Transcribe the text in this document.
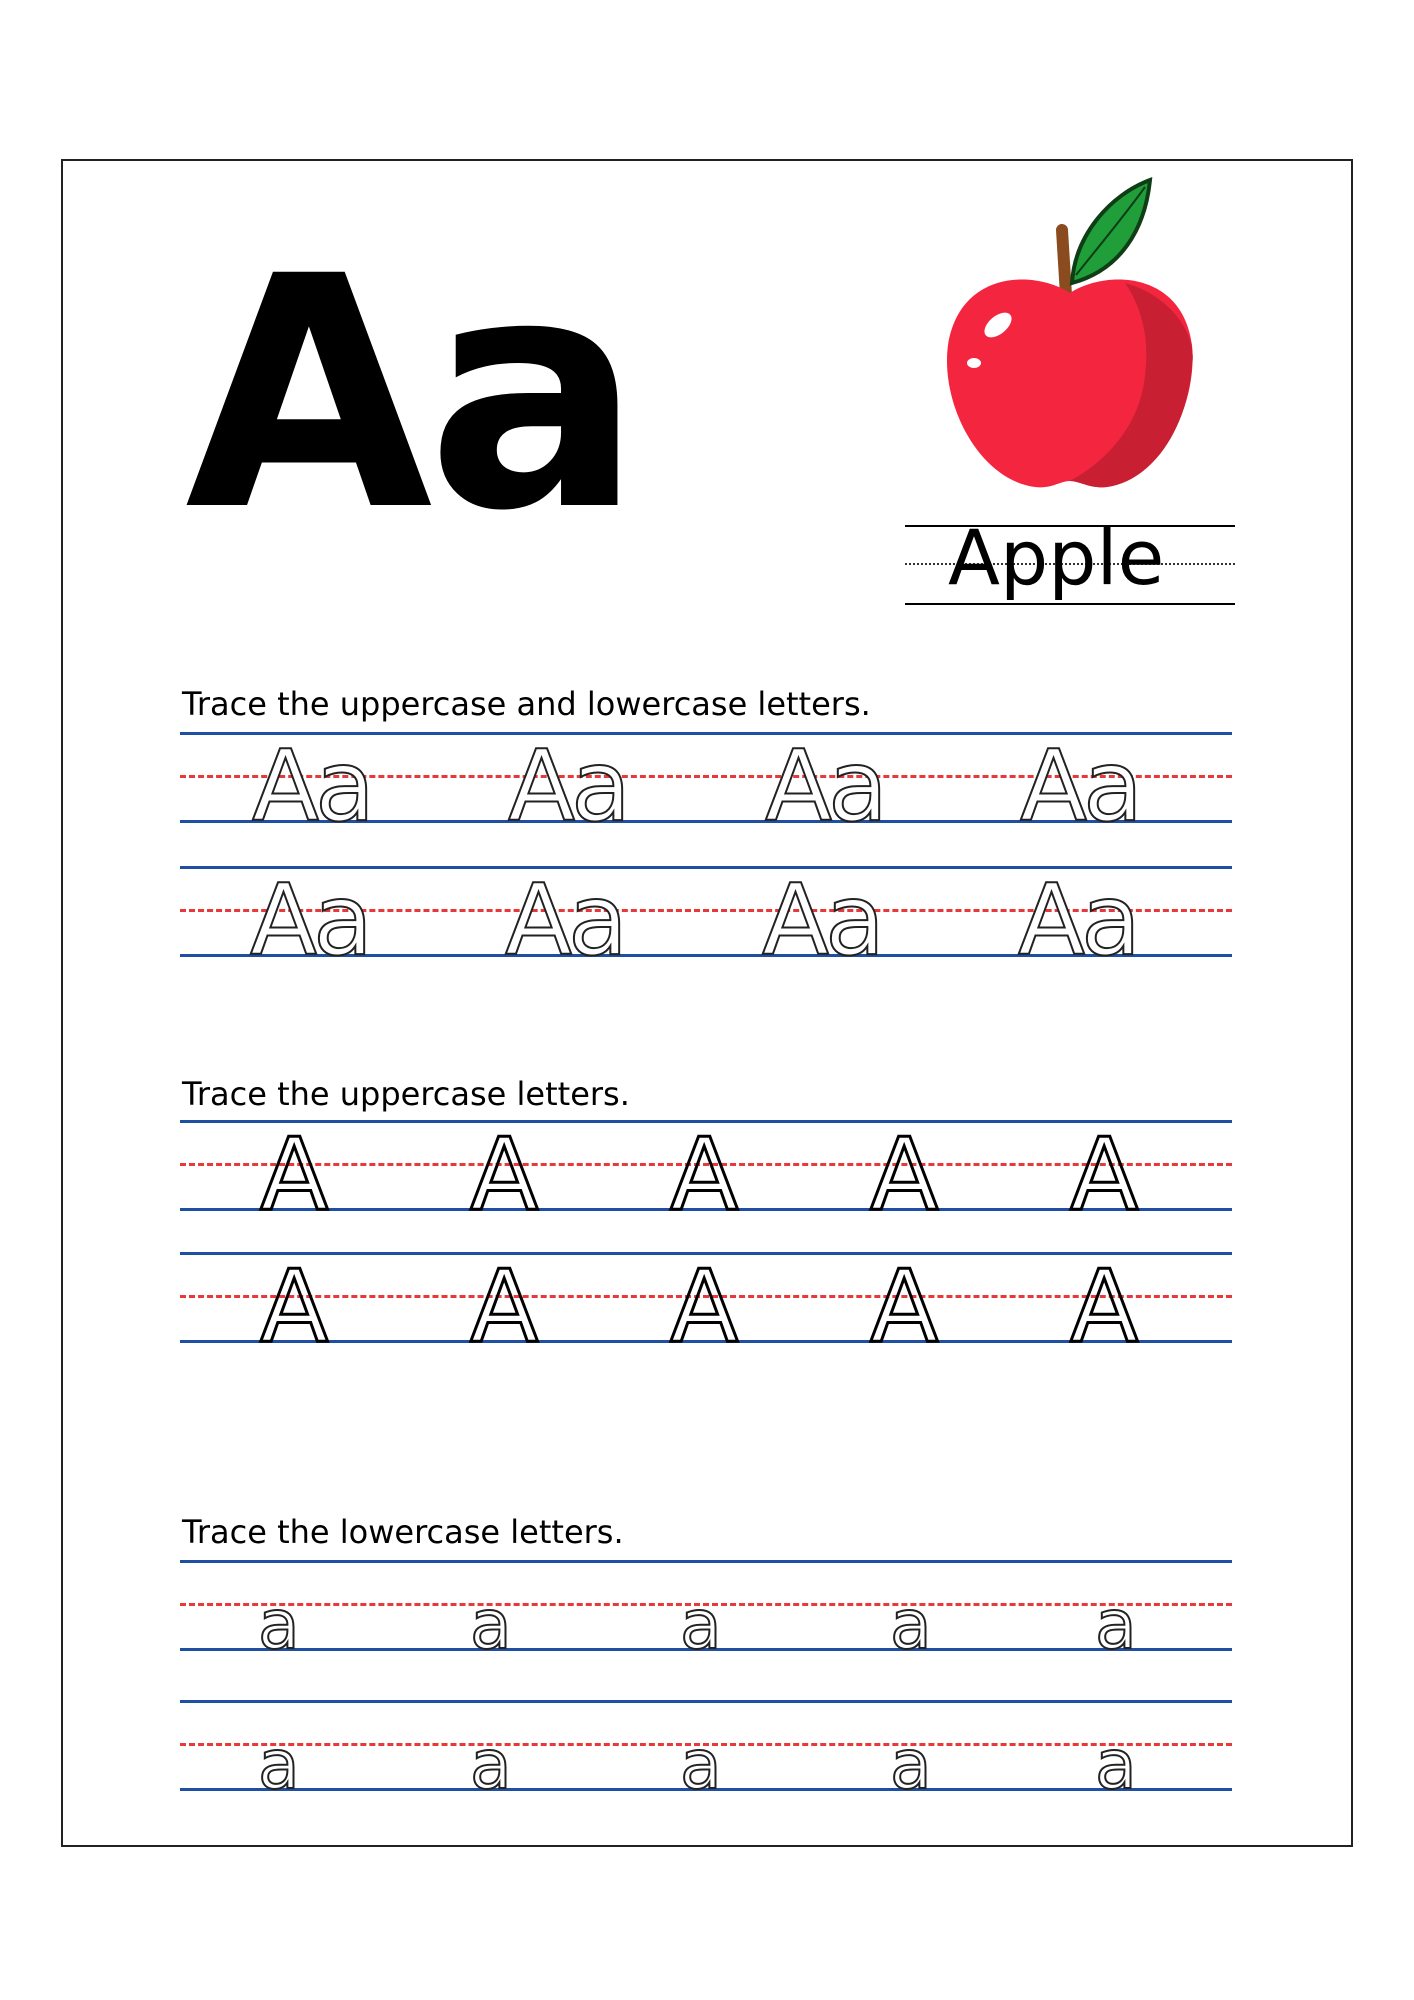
Aa	Apple
Trace the uppercase and lowercase letters.
Aa Aa Aa Aa
Aa Aa Aa Aa
Trace the uppercase letters.
A A A A A
A A A A A
Trace the lowercase letters.
a	a a a a
a	a a a a
